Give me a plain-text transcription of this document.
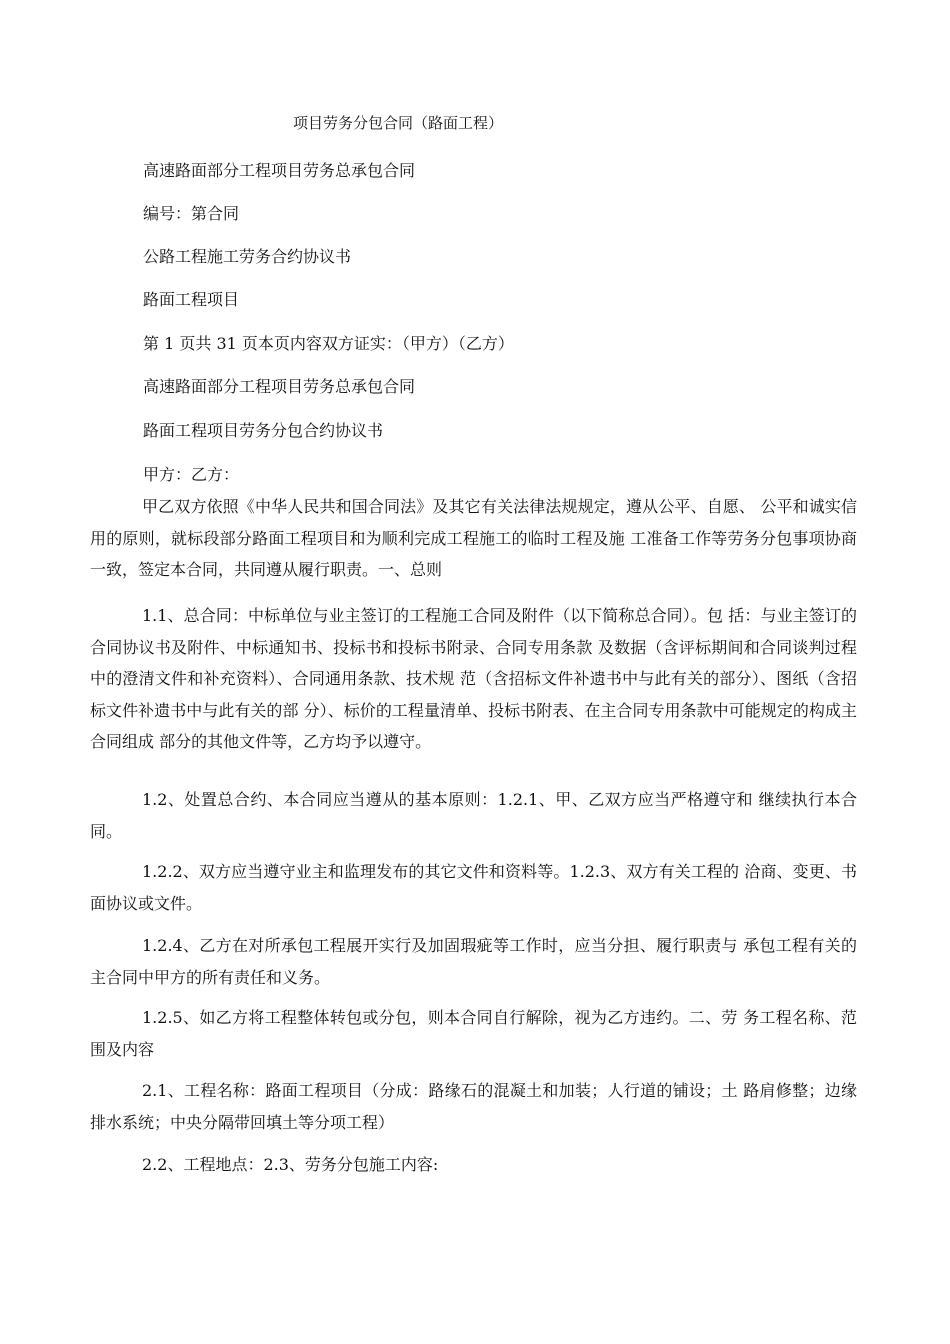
项目劳务分包合同（路面工程）
高速路面部分工程项目劳务总承包合同
编号：第合同
公路工程施工劳务合约协议书
路面工程项目
第 1 页共 31 页本页内容双方证实：（甲方）（乙方）
高速路面部分工程项目劳务总承包合同
路面工程项目劳务分包合约协议书
甲方：乙方：

甲乙双方依照《中华人民共和国合同法》及其它有关法律法规规定，遵从公平、自愿、 公平和诚实信用的原则，就标段部分路面工程项目和为顺利完成工程施工的临时工程及施 工准备工作等劳务分包事项协商一致，签定本合同，共同遵从履行职责。一、总则

1.1、总合同：中标单位与业主签订的工程施工合同及附件（以下简称总合同）。包 括：与业主签订的合同协议书及附件、中标通知书、投标书和投标书附录、合同专用条款 及数据（含评标期间和合同谈判过程中的澄清文件和补充资料）、合同通用条款、技术规 范（含招标文件补遗书中与此有关的部分）、图纸（含招标文件补遗书中与此有关的部 分）、标价的工程量清单、投标书附表、在主合同专用条款中可能规定的构成主合同组成 部分的其他文件等，乙方均予以遵守。

1.2、处置总合约、本合同应当遵从的基本原则：1.2.1、甲、乙双方应当严格遵守和 继续执行本合同。

1.2.2、双方应当遵守业主和监理发布的其它文件和资料等。1.2.3、双方有关工程的 洽商、变更、书面协议或文件。

1.2.4、乙方在对所承包工程展开实行及加固瑕疵等工作时，应当分担、履行职责与 承包工程有关的主合同中甲方的所有责任和义务。

1.2.5、如乙方将工程整体转包或分包，则本合同自行解除，视为乙方违约。二、劳 务工程名称、范围及内容

2.1、工程名称：路面工程项目（分成：路缘石的混凝土和加装；人行道的铺设；土 路肩修整；边缘排水系统；中央分隔带回填土等分项工程）

2.2、工程地点：2.3、劳务分包施工内容:
